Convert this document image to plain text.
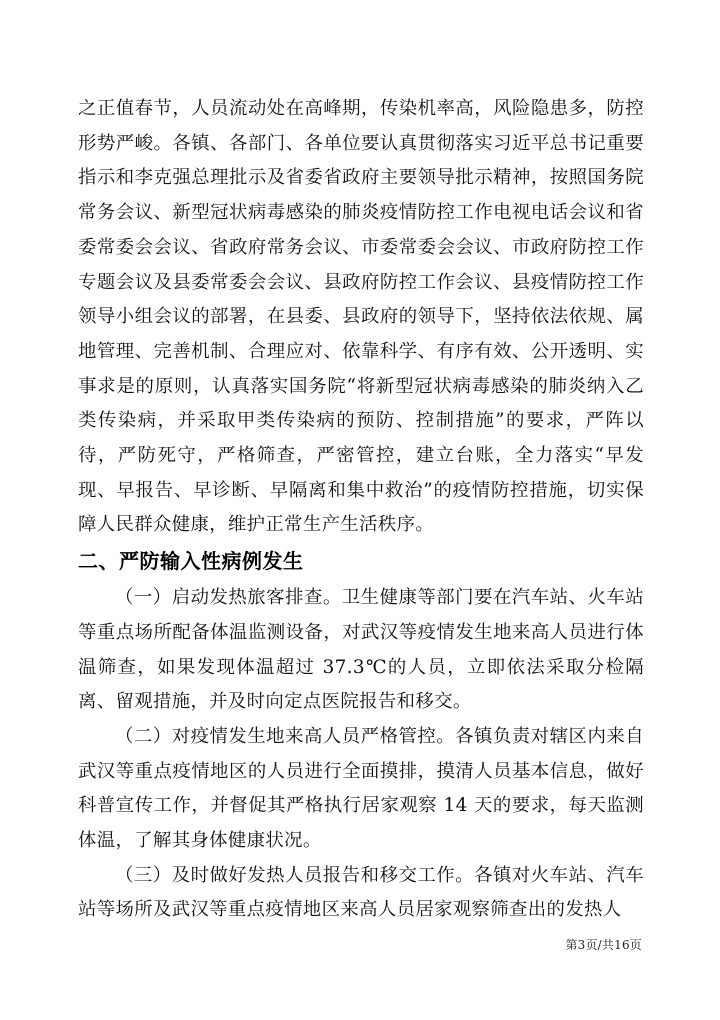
之正值春节，人员流动处在高峰期，传染机率高，风险隐患多，防控形势严峻。各镇、各部门、各单位要认真贯彻落实习近平总书记重要指示和李克强总理批示及省委省政府主要领导批示精神，按照国务院常务会议、新型冠状病毒感染的肺炎疫情防控工作电视电话会议和省委常委会会议、省政府常务会议、市委常委会会议、市政府防控工作专题会议及县委常委会会议、县政府防控工作会议、县疫情防控工作领导小组会议的部署，在县委、县政府的领导下，坚持依法依规、属地管理、完善机制、合理应对、依靠科学、有序有效、公开透明、实事求是的原则，认真落实国务院“将新型冠状病毒感染的肺炎纳入乙类传染病，并采取甲类传染病的预防、控制措施”的要求，严阵以待，严防死守，严格筛查，严密管控，建立台账，全力落实“早发现、早报告、早诊断、早隔离和集中救治”的疫情防控措施，切实保障人民群众健康，维护正常生产生活秩序。

二、严防输入性病例发生

（一）启动发热旅客排查。卫生健康等部门要在汽车站、火车站等重点场所配备体温监测设备，对武汉等疫情发生地来高人员进行体温筛查，如果发现体温超过 37.3℃的人员，立即依法采取分检隔离、留观措施，并及时向定点医院报告和移交。

（二）对疫情发生地来高人员严格管控。各镇负责对辖区内来自武汉等重点疫情地区的人员进行全面摸排，摸清人员基本信息，做好科普宣传工作，并督促其严格执行居家观察 14 天的要求，每天监测体温，了解其身体健康状况。

（三）及时做好发热人员报告和移交工作。各镇对火车站、汽车站等场所及武汉等重点疫情地区来高人员居家观察筛查出的发热人

第3页/共16页
